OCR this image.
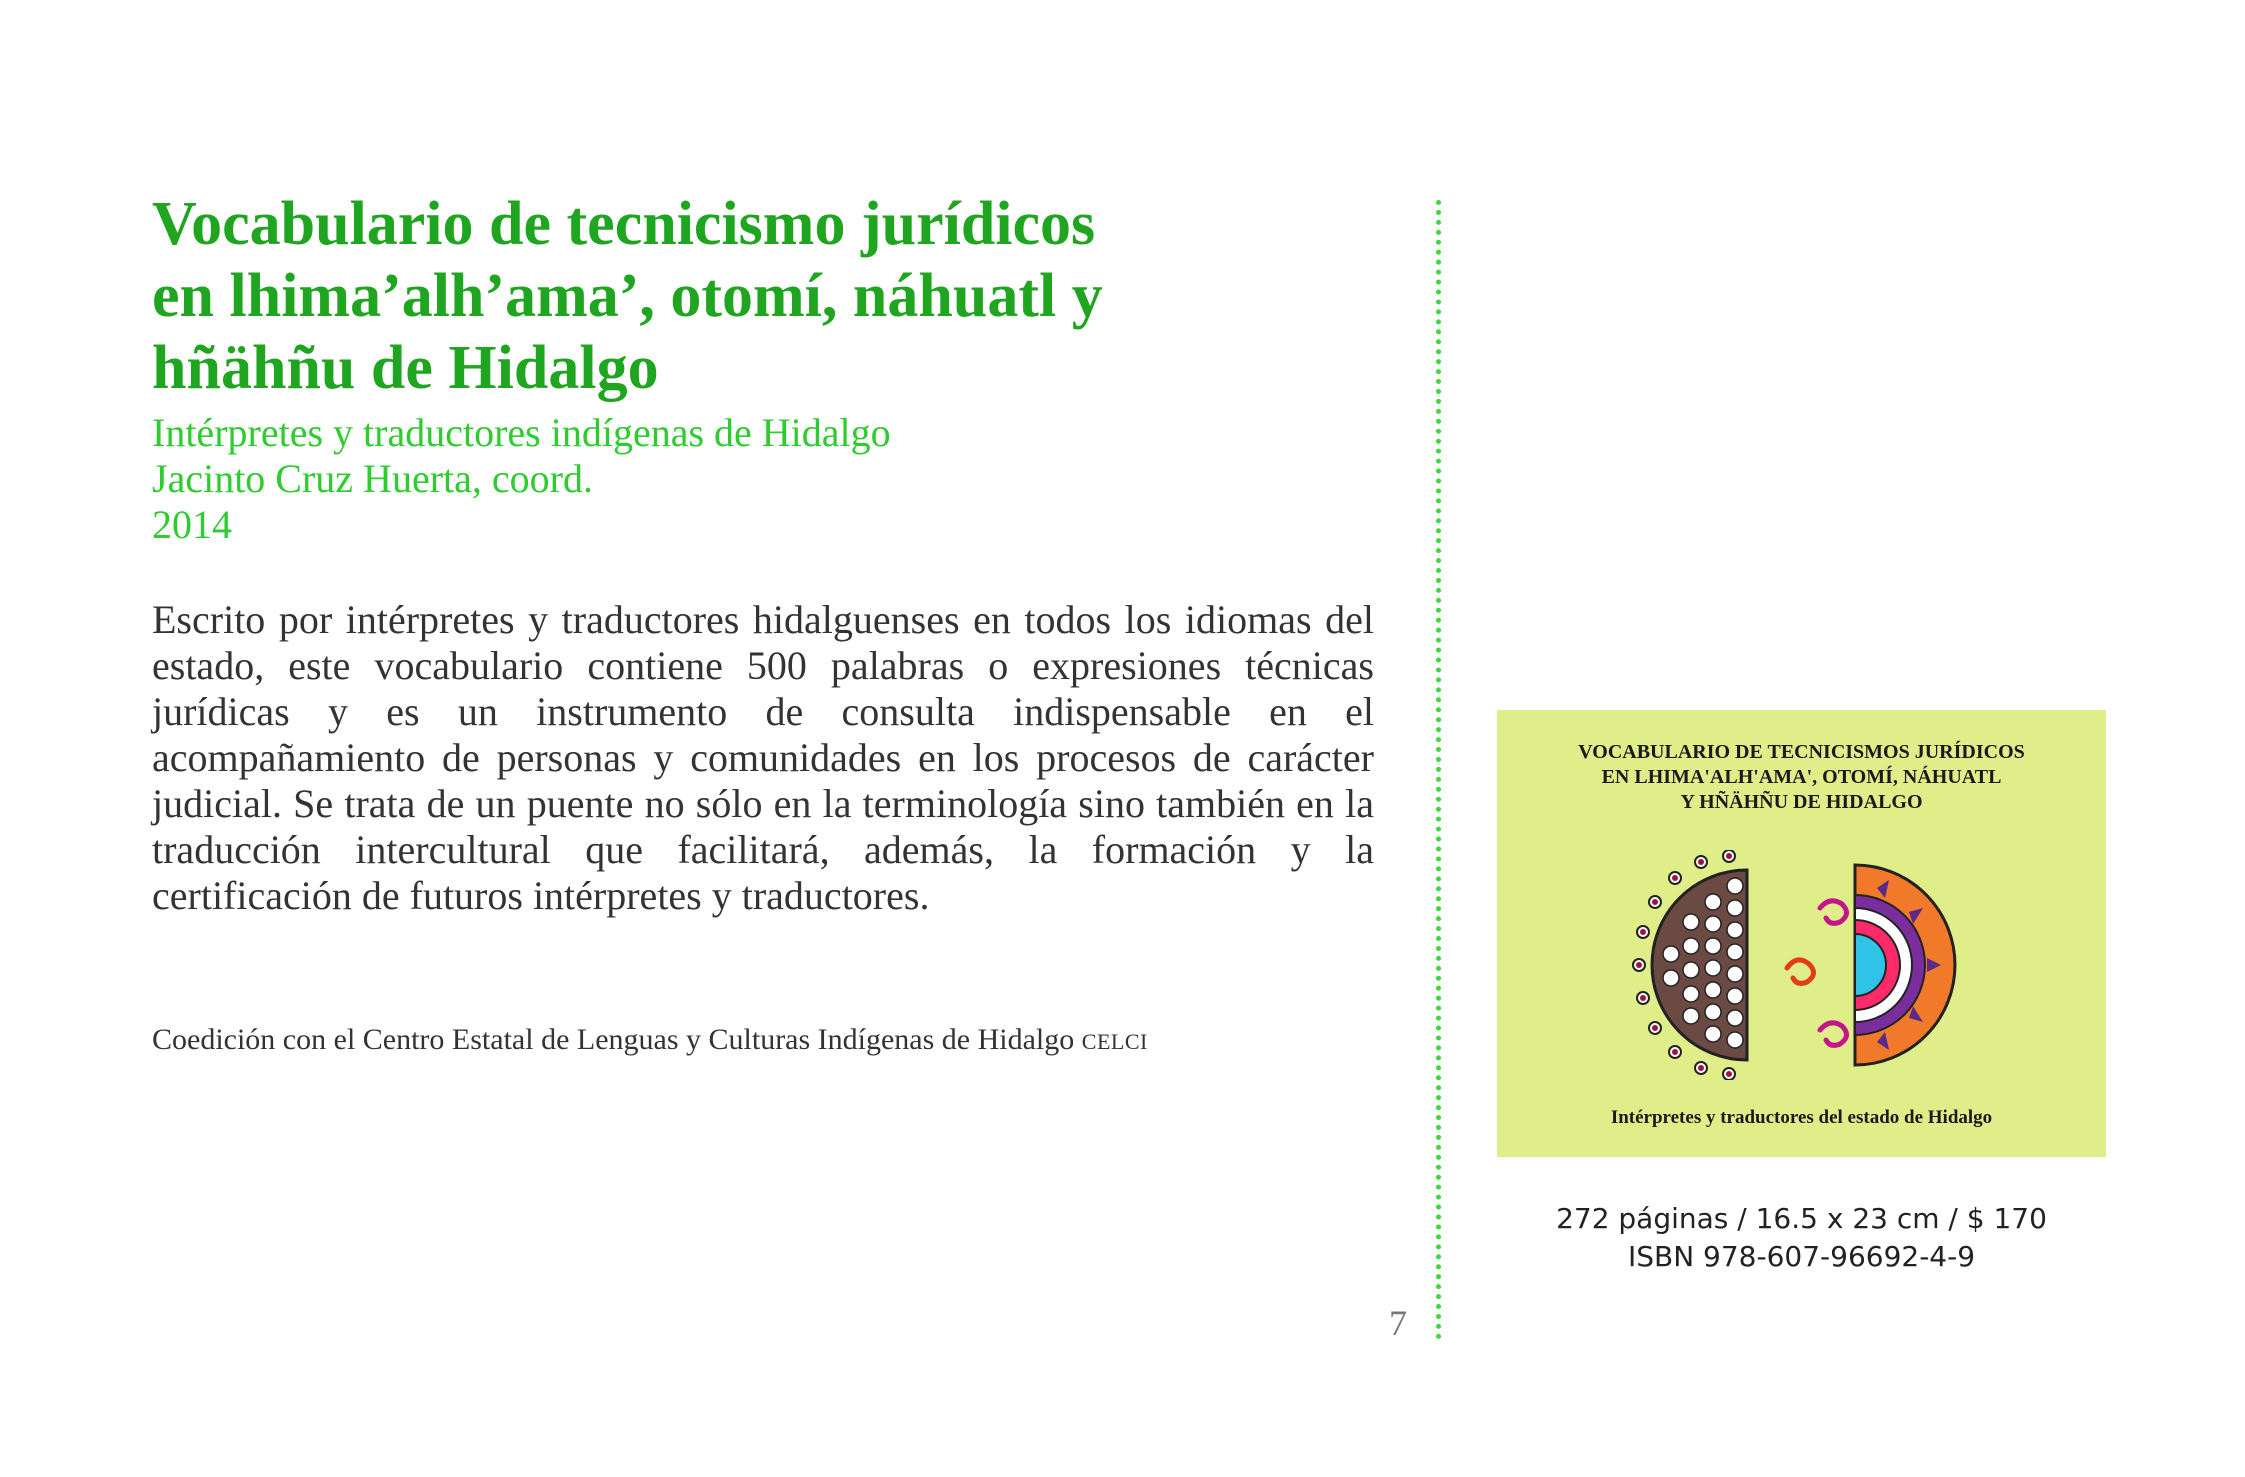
Vocabulario de tecnicismo jurídicos
en lhima’alh’ama’, otomí, náhuatl y
hñähñu de Hidalgo
Intérpretes y traductores indígenas de Hidalgo
Jacinto Cruz Huerta, coord.
2014

Escrito por intérpretes y traductores hidalguenses en todos los idiomas del estado, este vocabulario contiene 500 palabras o expresiones técnicas jurídicas y es un instrumento de consulta indispensable en el acompañamiento de personas y comunidades en los procesos de carácter judicial. Se trata de un puente no sólo en la terminología sino también en la traducción intercultural que facilitará, además, la formación y la certificación de futuros intérpretes y traductores.

Coedición con el Centro Estatal de Lenguas y Culturas Indígenas de Hidalgo CELCI
7
VOCABULARIO DE TECNICISMOS JURÍDICOS
EN LHIMA'ALH'AMA', OTOMÍ, NÁHUATL
Y HÑÄHÑU DE HIDALGO
Intérpretes y traductores del estado de Hidalgo
272 páginas / 16.5 x 23 cm / $ 170
ISBN 978-607-96692-4-9
